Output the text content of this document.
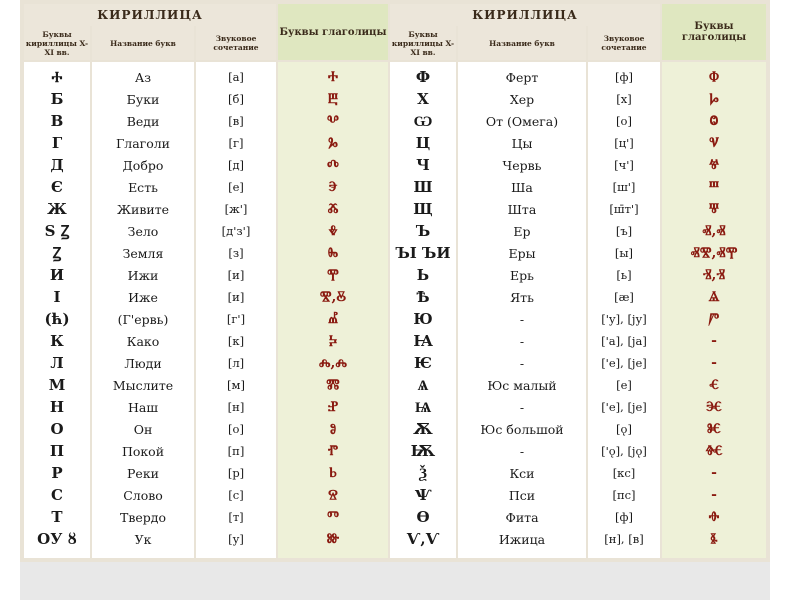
КИРИЛЛИЦА
Буквы кириллицы X-XI вв.
Название букв	Звуковое сочетание
Буквы глаголицы
КИРИЛЛИЦА
Буквы кириллицы X-XI вв.
Название букв	Звуковое сочетание
Буквы глаголицы
Ⰰ
Б
В
Г
Д
Є
Ж
Ѕ Ꙁ
Ꙁ
И
І
(ћ)
К
Л
М
Н
О
П
Р
С
Т
ОУ ȣ
Аз
Буки
Веди
Глаголи
Добро
Есть
Живите
Зело
Земля
Ижи
Иже
(Г'ервь)
Како
Люди
Мыслите
Наш
Он
Покой
Реки
Слово
Твердо
Ук
[а]
[б]
[в]
[г]
[д]
[е]
[ж']
[д'з']
[з]
[и]
[и]
[г']
[к]
[л]
[м]
[н]
[о]
[п]
[р]
[с]
[т]
[у]
Ⰰ
Ⰱ
Ⰲ
Ⰳ
Ⰴ
Ⰵ
Ⰶ
Ⰷ
Ⰸ
Ⰹ
Ⰺ,Ⰻ
Ⰼ
Ⰽ
Ⰾ,Ⰾ
Ⰿ
Ⱀ
Ⱁ
Ⱂ
Ⱃ
Ⱄ
Ⱅ
Ⱆ
Ф
Х
Ѡ
Ц
Ч
Ш
Щ
Ъ
ЪІ ЪИ
Ь
Ѣ
Ю
Ꙗ
Ѥ
Ѧ
Ѩ
Ѫ
Ѭ
Ѯ
Ѱ
Ѳ
Ѵ,Ѵ
Ферт
Хер
От (Омега)
Цы
Червь
Ша
Шта
Ер
Еры
Ерь
Ять
-
-
-
Юс малый
-
Юс большой
-
Кси
Пси
Фита
Ижица
[ф]
[х]
[о]
[ц']
[ч']
[ш']
[ш̄т']
[ъ]
[ы]
[ь]
[æ]
['у], [jу]
['а], [jа]
['е], [jе]
[е]
['е], [jе]
[ǫ]
['ǫ], [jǫ]
[кс]
[пс]
[ф]
[н], [в]
Ⱇ
Ⱈ
Ⱉ
Ⱌ
Ⱍ
Ⱎ
Ⱋ
Ⱏ,Ⱏ
ⰟⰊ,ⰟⰉ
Ⱐ,Ⱐ
Ⱑ
Ⱓ
-
-
Ⱔ
Ⱗ
Ⱘ
Ⱙ
-
-
Ⱚ
Ⱛ
